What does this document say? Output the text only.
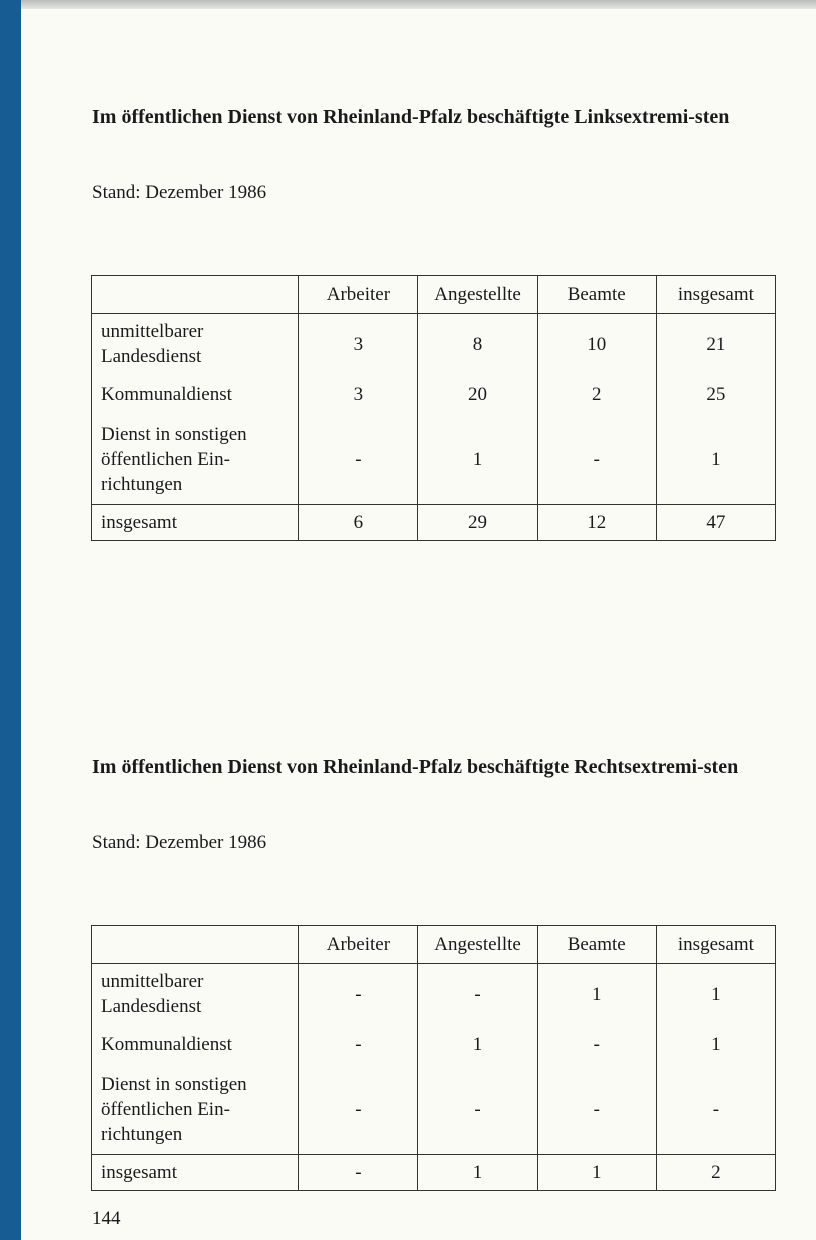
Im öffentlichen Dienst von Rheinland-Pfalz beschäftigte Linksextremi-sten

Stand: Dezember 1986

	Arbeiter	Angestellte	Beamte	insgesamt
unmittelbarer Landesdienst	3	8	10	21
Kommunaldienst	3	20	2	25
Dienst in sonstigen öffentlichen Ein-richtungen	-	1	-	1
insgesamt	6	29	12	47
Im öffentlichen Dienst von Rheinland-Pfalz beschäftigte Rechtsextremi-sten

Stand: Dezember 1986

	Arbeiter	Angestellte	Beamte	insgesamt
unmittelbarer Landesdienst	-	-	1	1
Kommunaldienst	-	1	-	1
Dienst in sonstigen öffentlichen Ein-richtungen	-	-	-	-
insgesamt	-	1	1	2

144
